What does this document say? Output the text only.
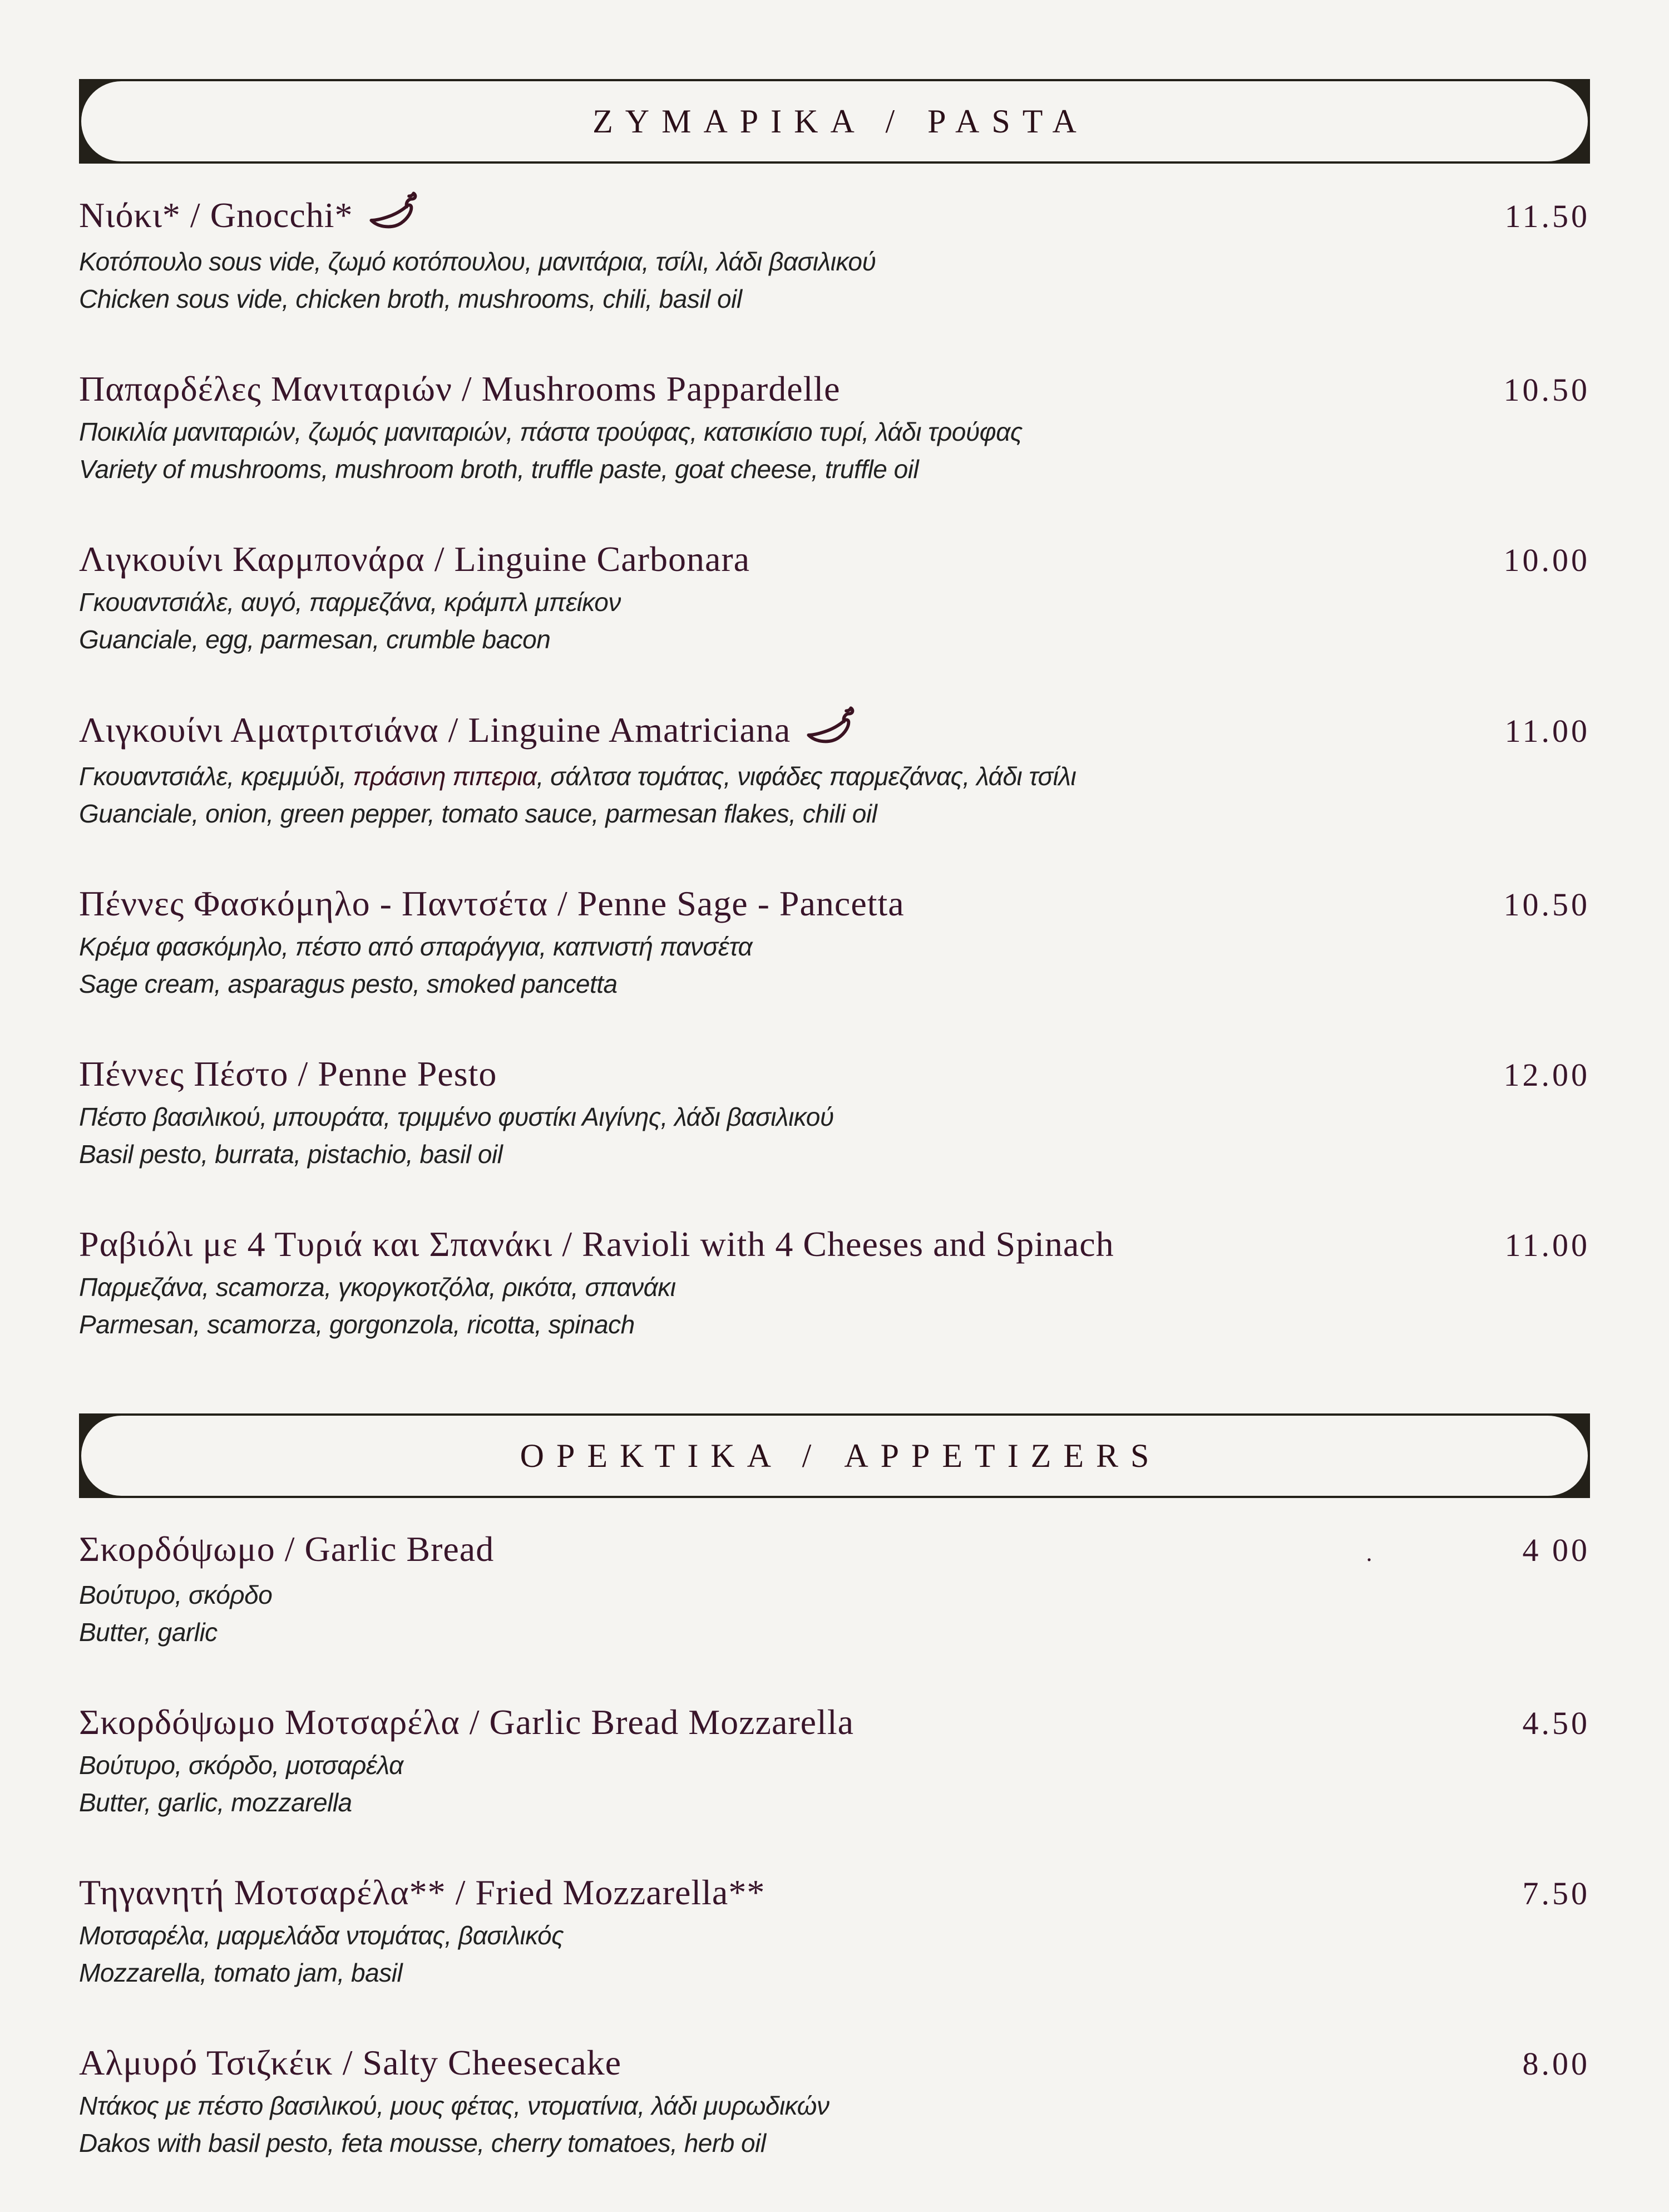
ΖΥΜΑΡΙΚΑ / PASTA
Νιόκι* / Gnocchi*	11.50

Κοτόπουλο sous vide, ζωμό κοτόπουλου, μανιτάρια, τσίλι, λάδι βασιλικού

Chicken sous vide, chicken broth, mushrooms, chili, basil oil

Παπαρδέλες Μανιταριών / Mushrooms Pappardelle	10.50

Ποικιλία μανιταριών, ζωμός μανιταριών, πάστα τρούφας, κατσικίσιο τυρί, λάδι τρούφας

Variety of mushrooms, mushroom broth, truffle paste, goat cheese, truffle oil

Λιγκουίνι Καρμπονάρα / Linguine Carbonara	10.00

Γκουαντσιάλε, αυγό, παρμεζάνα, κράμπλ μπείκον

Guanciale, egg, parmesan, crumble bacon

Λιγκουίνι Αματριτσιάνα / Linguine Amatriciana	11.00

Γκουαντσιάλε, κρεμμύδι, πράσινη πιπερια, σάλτσα τομάτας, νιφάδες παρμεζάνας, λάδι τσίλι

Guanciale, onion, green pepper, tomato sauce, parmesan flakes, chili oil

Πέννες Φασκόμηλο - Παντσέτα / Penne Sage - Pancetta	10.50

Κρέμα φασκόμηλο, πέστο από σπαράγγια, καπνιστή πανσέτα

Sage cream, asparagus pesto, smoked pancetta

Πέννες Πέστο / Penne Pesto	12.00

Πέστο βασιλικού, μπουράτα, τριμμένο φυστίκι Αιγίνης, λάδι βασιλικού

Basil pesto, burrata, pistachio, basil oil

Ραβιόλι με 4 Τυριά και Σπανάκι / Ravioli with 4 Cheeses and Spinach	11.00

Παρμεζάνα, scamorza, γκοργκοτζόλα, ρικότα, σπανάκι

Parmesan, scamorza, gorgonzola, ricotta, spinach

ΟΡΕΚΤΙΚΑ / APPETIZERS
Σκορδόψωμο / Garlic Bread	.	4 00

Βούτυρο, σκόρδο

Butter, garlic

Σκορδόψωμο Μοτσαρέλα / Garlic Bread Mozzarella	4.50

Βούτυρο, σκόρδο, μοτσαρέλα

Butter, garlic, mozzarella

Τηγανητή Μοτσαρέλα** / Fried Mozzarella**	7.50

Μοτσαρέλα, μαρμελάδα ντομάτας, βασιλικός

Mozzarella, tomato jam, basil

Αλμυρό Τσιζκέικ / Salty Cheesecake	8.00

Ντάκος με πέστο βασιλικού, μους φέτας, ντοματίνια, λάδι μυρωδικών

Dakos with basil pesto, feta mousse, cherry tomatoes, herb oil
